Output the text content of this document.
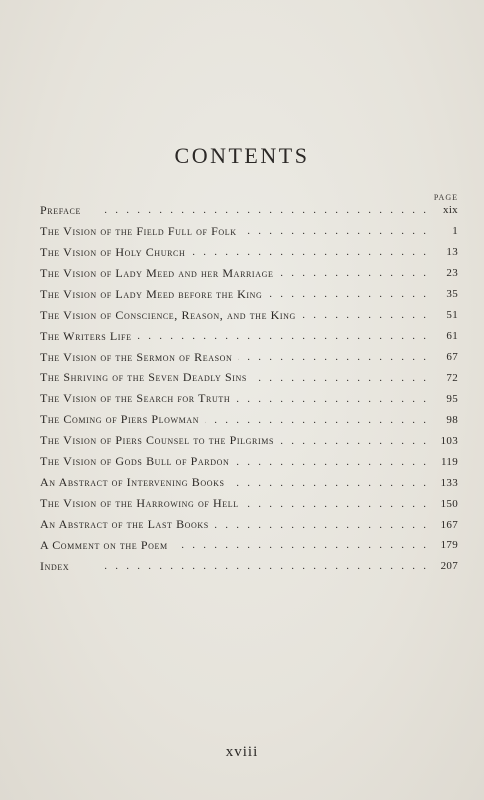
CONTENTS
PAGE
Preface . .	xix
The Vision of the Field Full of Folk . .	1
The Vision of Holy Church . .	13
The Vision of Lady Meed and her Marriage . .	23
The Vision of Lady Meed before the King . .	35
The Vision of Conscience, Reason, and the King . .	51
The Writers Life . .	61
The Vision of the Sermon of Reason . .	67
The Shriving of the Seven Deadly Sins . .	72
The Vision of the Search for Truth . .	95
The Coming of Piers Plowman . .	98
The Vision of Piers Counsel to the Pilgrims . .	103
The Vision of Gods Bull of Pardon . .	119
An Abstract of Intervening Books . .	133
The Vision of the Harrowing of Hell . .	150
An Abstract of the Last Books . .	167
A Comment on the Poem . .	179
Index . .	207
xviii
